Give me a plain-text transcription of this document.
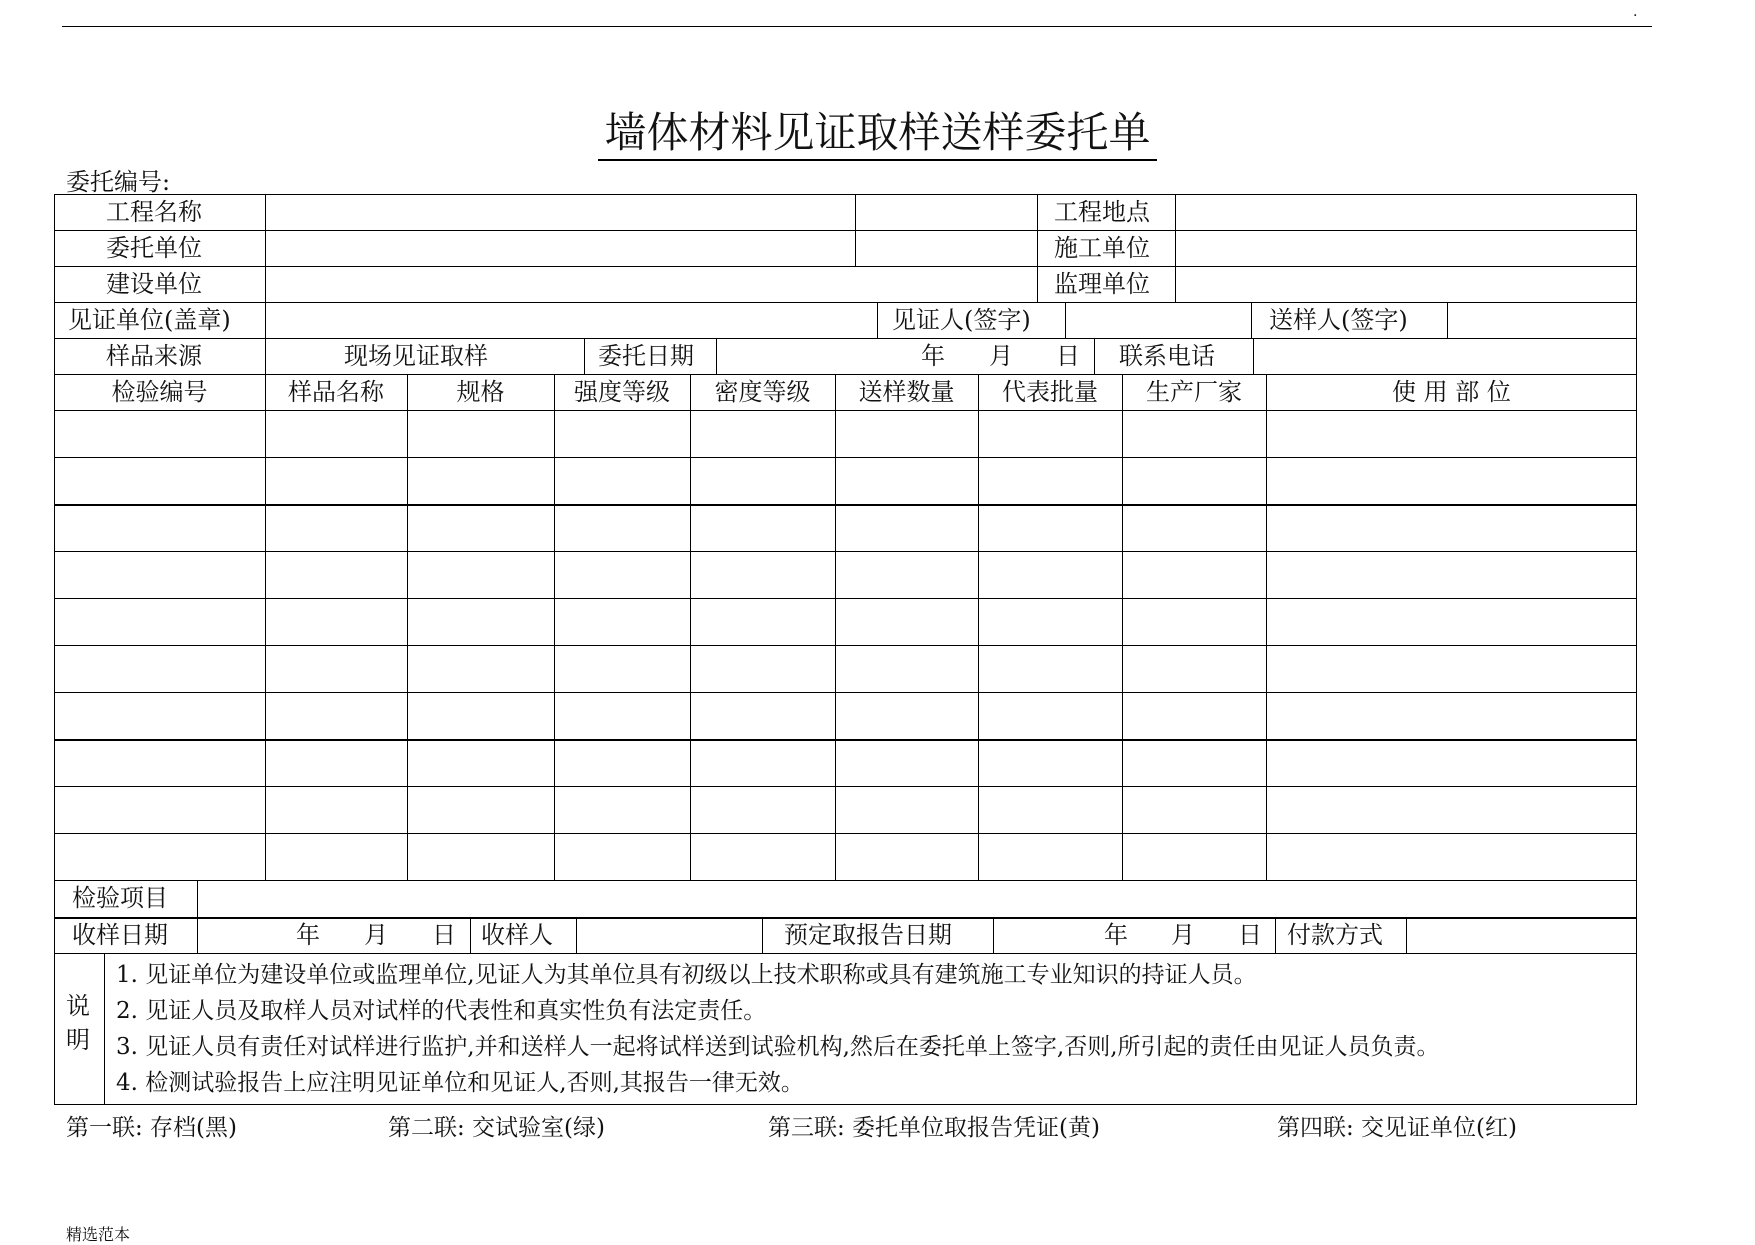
.
墙体材料见证取样送样委托单
委托编号:
工程名称	工程地点
委托单位	施工单位
建设单位	监理单位
见证单位(盖章)	见证人(签字)	送样人(签字)
样品来源	现场见证取样	委托日期	年 月 日 联系电话
检验编号	样品名称	规格	强度等级	密度等级	送样数量	代表批量	生产厂家	使 用 部 位
检验项目
收样日期	年 月 日 收样人	预定取报告日期	年 月 日 付款方式
说
明
1. 见证单位为建设单位或监理单位,见证人为其单位具有初级以上技术职称或具有建筑施工专业知识的持证人员。
2. 见证人员及取样人员对试样的代表性和真实性负有法定责任。
3. 见证人员有责任对试样进行监护,并和送样人一起将试样送到试验机构,然后在委托单上签字,否则,所引起的责任由见证人员负责。
4. 检测试验报告上应注明见证单位和见证人,否则,其报告一律无效。
第一联: 存档(黑)	第二联: 交试验室(绿)	第三联: 委托单位取报告凭证(黄)	第四联: 交见证单位(红)
精选范本
